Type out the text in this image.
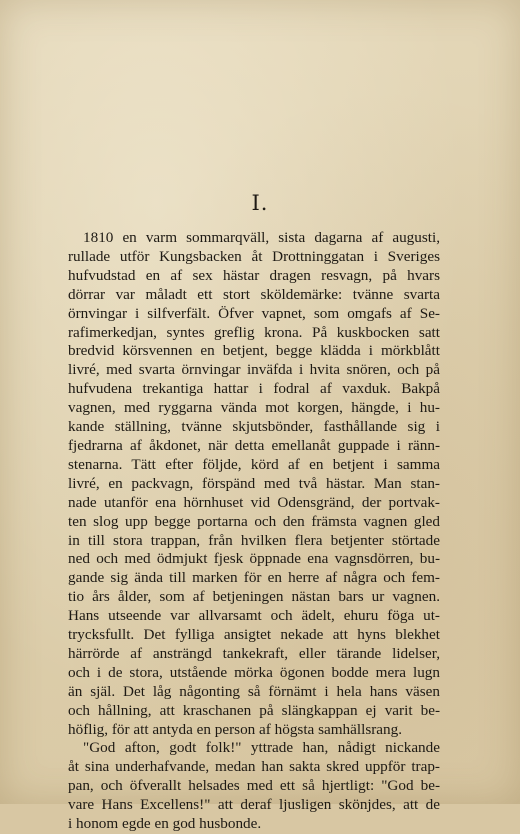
I.
1810 en varm sommarqväll, sista dagarna af augusti,
rullade utför Kungsbacken åt Drottninggatan i Sveriges
hufvudstad en af sex hästar dragen resvagn, på hvars
dörrar var måladt ett stort sköldemärke: tvänne svarta
örnvingar i silfverfält. Öfver vapnet, som omgafs af Se-
rafimerkedjan, syntes greflig krona. På kuskbocken satt
bredvid körsvennen en betjent, begge klädda i mörkblått
livré, med svarta örnvingar inväfda i hvita snören, och på
hufvudena trekantiga hattar i fodral af vaxduk. Bakpå
vagnen, med ryggarna vända mot korgen, hängde, i hu-
kande ställning, tvänne skjutsbönder, fasthållande sig i
fjedrarna af åkdonet, när detta emellanåt guppade i ränn-
stenarna. Tätt efter följde, körd af en betjent i samma
livré, en packvagn, förspänd med två hästar. Man stan-
nade utanför ena hörnhuset vid Odensgränd, der portvak-
ten slog upp begge portarna och den främsta vagnen gled
in till stora trappan, från hvilken flera betjenter störtade
ned och med ödmjukt fjesk öppnade ena vagnsdörren, bu-
gande sig ända till marken för en herre af några och fem-
tio års ålder, som af betjeningen nästan bars ur vagnen.
Hans utseende var allvarsamt och ädelt, ehuru föga ut-
trycksfullt. Det fylliga ansigtet nekade att hyns blekhet
härrörde af ansträngd tankekraft, eller tärande lidelser,
och i de stora, utstående mörka ögonen bodde mera lugn
än själ. Det låg någonting så förnämt i hela hans väsen
och hållning, att kraschanen på slängkappan ej varit be-
höflig, för att antyda en person af högsta samhällsrang.
"God afton, godt folk!" yttrade han, nådigt nickande
åt sina underhafvande, medan han sakta skred uppför trap-
pan, och öfverallt helsades med ett så hjertligt: "God be-
vare Hans Excellens!" att deraf ljusligen skönjdes, att de
i honom egde en god husbonde.
